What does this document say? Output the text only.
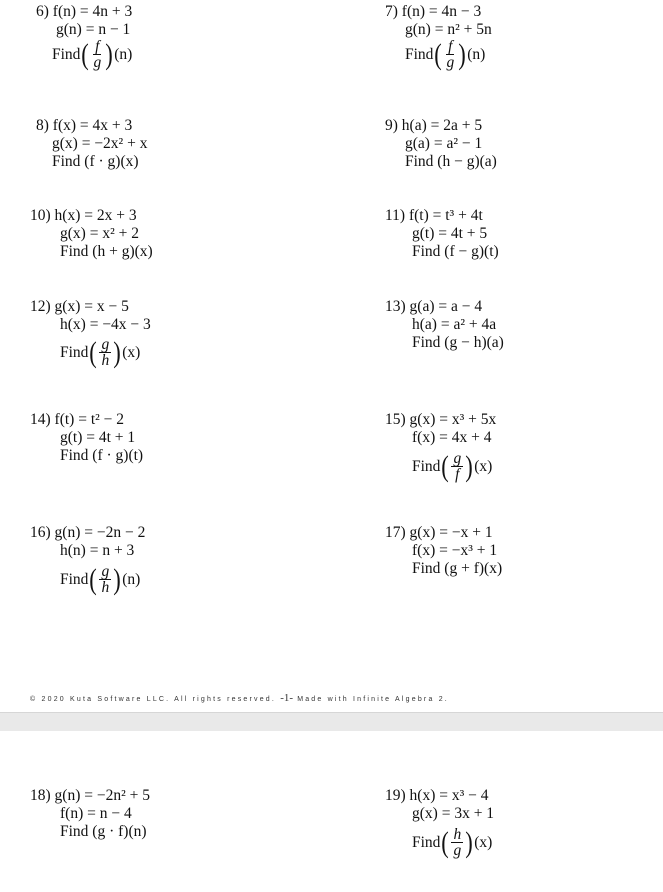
6) f(n) = 4n + 3
g(n) = n − 1
Find ( $\frac{f}{g}$ ) (n)
7) f(n) = 4n − 3
g(n) = n² + 5n
Find ( $\frac{f}{g}$ ) (n)
8) f(x) = 4x + 3
g(x) = −2x² + x
Find (f · g)(x)
9) h(a) = 2a + 5
g(a) = a² − 1
Find (h − g)(a)
10) h(x) = 2x + 3
g(x) = x² + 2
Find (h + g)(x)
11) f(t) = t³ + 4t
g(t) = 4t + 5
Find (f − g)(t)
12) g(x) = x − 5
h(x) = −4x − 3
Find ( $\frac{g}{h}$ ) (x)
13) g(a) = a − 4
h(a) = a² + 4a
Find (g − h)(a)
14) f(t) = t² − 2
g(t) = 4t + 1
Find (f · g)(t)
15) g(x) = x³ + 5x
f(x) = 4x + 4
Find ( $\frac{g}{f}$ ) (x)
16) g(n) = −2n − 2
h(n) = n + 3
Find ( $\frac{g}{h}$ ) (n)
17) g(x) = −x + 1
f(x) = −x³ + 1
Find (g + f)(x)
© 2020 Kuta Software LLC. All rights reserved. -1- Made with Infinite Algebra 2.
18) g(n) = −2n² + 5
f(n) = n − 4
Find (g · f)(n)
19) h(x) = x³ − 4
g(x) = 3x + 1
Find ( $\frac{h}{g}$ ) (x)
